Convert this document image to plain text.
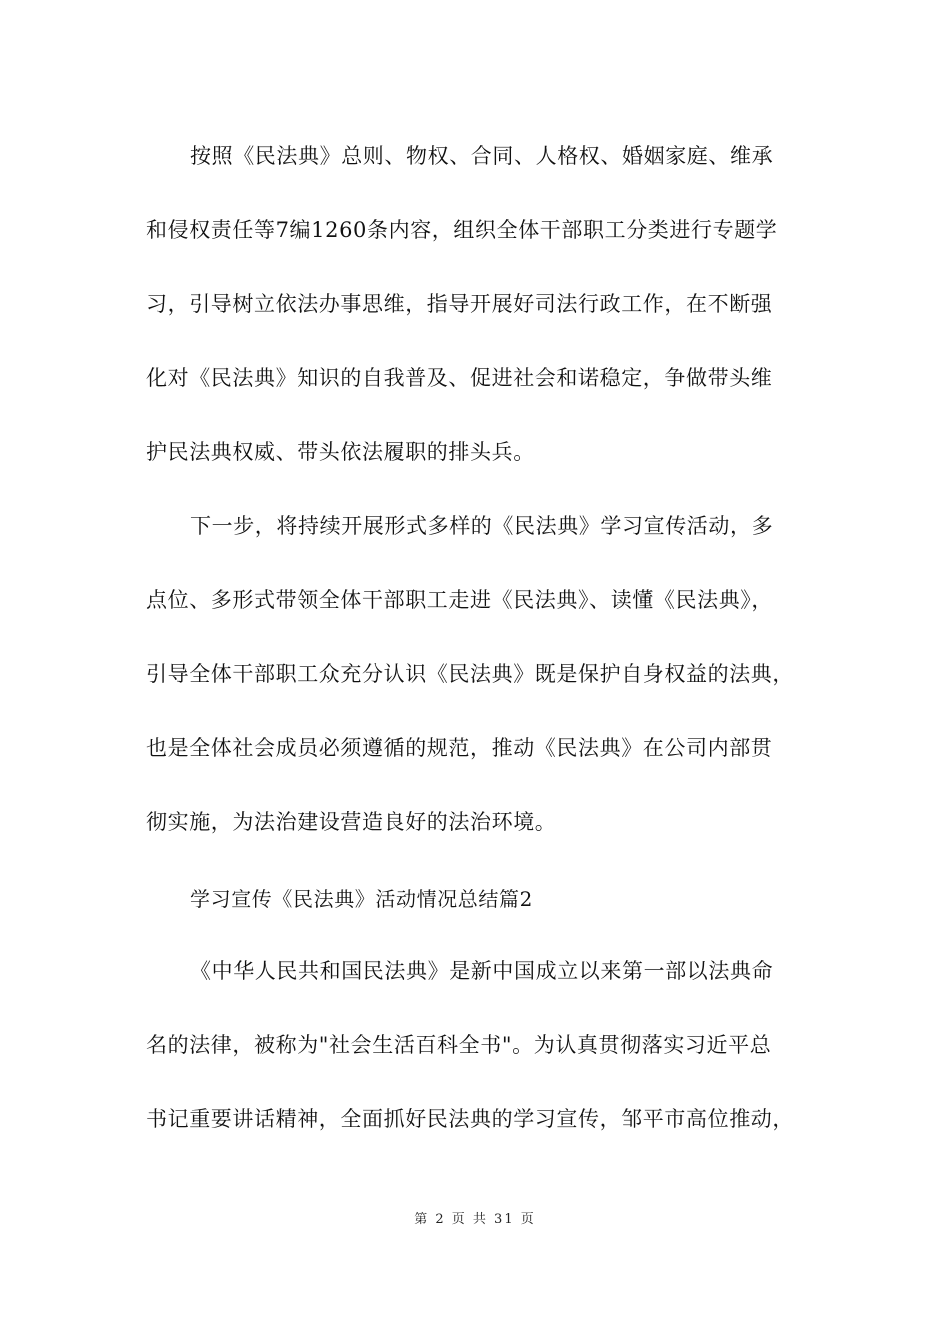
按照《民法典》总则、物权、合同、人格权、婚姻家庭、维承
和侵权责任等7编1260条内容，组织全体干部职工分类进行专题学
习，引导树立依法办事思维，指导开展好司法行政工作，在不断强
化对《民法典》知识的自我普及、促进社会和诺稳定，争做带头维
护民法典权威、带头依法履职的排头兵。
下一步，将持续开展形式多样的《民法典》学习宣传活动，多
点位、多形式带领全体干部职工走进《民法典》、读懂《民法典》，
引导全体干部职工众充分认识《民法典》既是保护自身权益的法典，
也是全体社会成员必须遵循的规范，推动《民法典》在公司内部贯
彻实施，为法治建设营造良好的法治环境。
学习宣传《民法典》活动情况总结篇2
《中华人民共和国民法典》是新中国成立以来第一部以法典命
名的法律，被称为"社会生活百科全书"。为认真贯彻落实习近平总
书记重要讲话精神，全面抓好民法典的学习宣传，邹平市高位推动，
第 2 页 共 31 页
